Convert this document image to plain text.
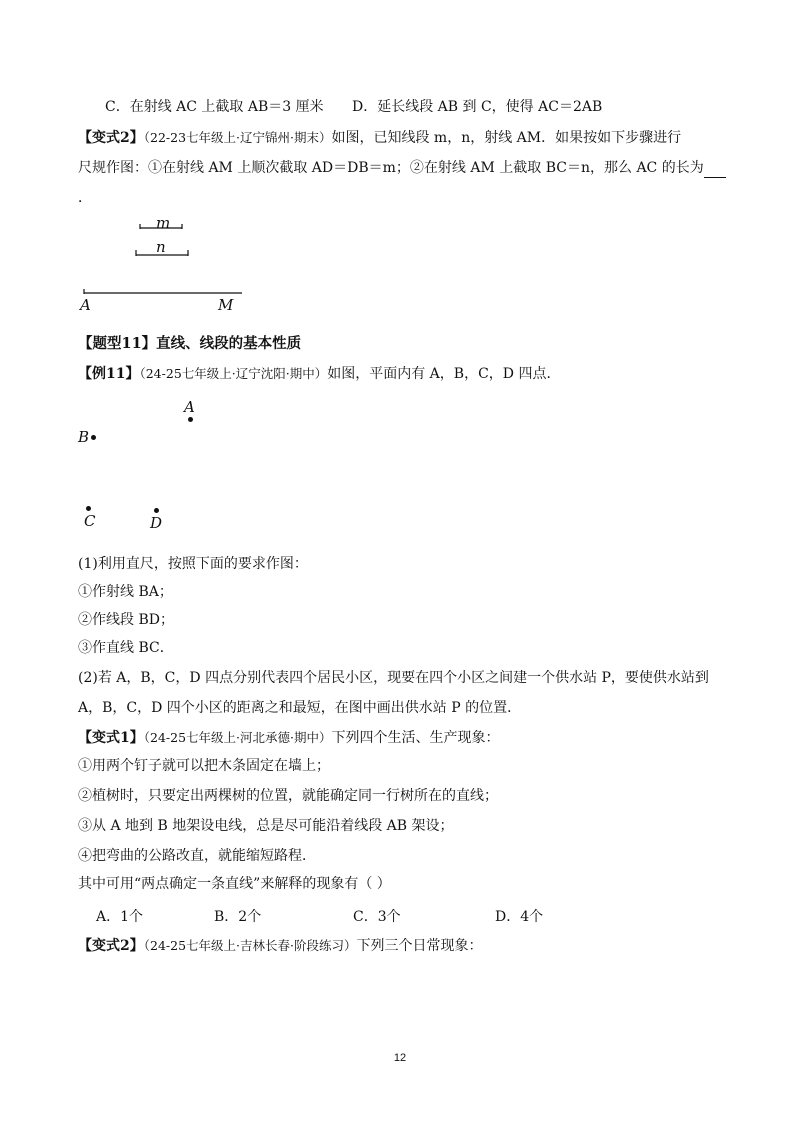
C．在射线 AC 上截取 AB＝3 厘米 D．延长线段 AB 到 C，使得 AC＝2AB
【变式2】（22-23七年级上·辽宁锦州·期末）如图，已知线段 m，n，射线 AM．如果按如下步骤进行
尺规作图：①在射线 AM 上顺次截取 AD＝DB＝m；②在射线 AM 上截取 BC＝n，那么 AC 的长为
．
m
n
A	M
【题型11】直线、线段的基本性质
【例11】（24-25七年级上·辽宁沈阳·期中）如图，平面内有 A，B，C，D 四点．
A
B
C	D
(1)利用直尺，按照下面的要求作图：
①作射线 BA；
②作线段 BD；
③作直线 BC．
(2)若 A，B，C，D 四点分别代表四个居民小区，现要在四个小区之间建一个供水站 P，要使供水站到
A，B，C，D 四个小区的距离之和最短，在图中画出供水站 P 的位置．
【变式1】（24-25七年级上·河北承德·期中）下列四个生活、生产现象：
①用两个钉子就可以把木条固定在墙上；
②植树时，只要定出两棵树的位置，就能确定同一行树所在的直线；
③从 A 地到 B 地架设电线，总是尽可能沿着线段 AB 架设；
④把弯曲的公路改直，就能缩短路程．
其中可用“两点确定一条直线”来解释的现象有（ ）
A．1个	B．2个	C．3个	D．4个
【变式2】（24-25七年级上·吉林长春·阶段练习）下列三个日常现象：
12
